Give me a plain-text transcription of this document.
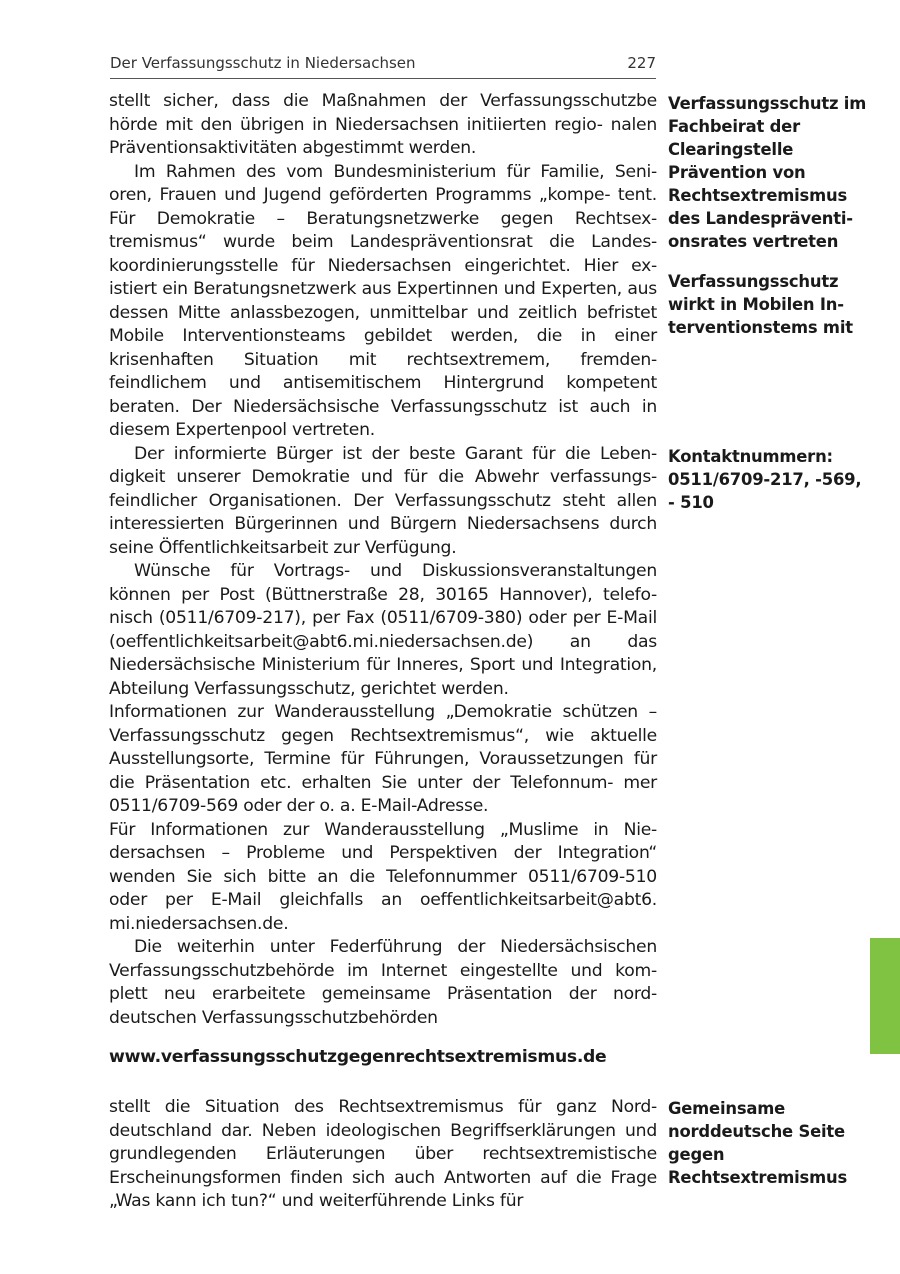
Der Verfassungsschutz in Niedersachsen	227

stellt sicher, dass die Maßnahmen der Verfassungsschutzbe hörde mit den übrigen in Niedersachsen initiierten regio- nalen Präventionsaktivitäten abgestimmt werden.

Im Rahmen des vom Bundesministerium für Familie, Seni- oren, Frauen und Jugend geförderten Programms „kompe- tent. Für Demokratie – Beratungsnetzwerke gegen Rechtsex- tremismus“ wurde beim Landespräventionsrat die Landes- koordinierungsstelle für Niedersachsen eingerichtet. Hier ex- istiert ein Beratungsnetzwerk aus Expertinnen und Experten, aus dessen Mitte anlassbezogen, unmittelbar und zeitlich befristet Mobile Interventionsteams gebildet werden, die in einer krisenhaften Situation mit rechtsextremem, fremden- feindlichem und antisemitischem Hintergrund kompetent beraten. Der Niedersächsische Verfassungsschutz ist auch in diesem Expertenpool vertreten.

Der informierte Bürger ist der beste Garant für die Leben- digkeit unserer Demokratie und für die Abwehr verfassungs- feindlicher Organisationen. Der Verfassungsschutz steht allen interessierten Bürgerinnen und Bürgern Niedersachsens durch seine Öffentlichkeitsarbeit zur Verfügung.

Wünsche für Vortrags- und Diskussionsveranstaltungen können per Post (Büttnerstraße 28, 30165 Hannover), telefo- nisch (0511/6709-217), per Fax (0511/6709-380) oder per E-Mail (oeffentlichkeitsarbeit@abt6.mi.niedersachsen.de) an das Niedersächsische Ministerium für Inneres, Sport und Integration, Abteilung Verfassungsschutz, gerichtet werden.

Informationen zur Wanderausstellung „Demokratie schützen – Verfassungsschutz gegen Rechtsextremismus“, wie aktuelle Ausstellungsorte, Termine für Führungen, Voraussetzungen für die Präsentation etc. erhalten Sie unter der Telefonnum- mer 0511/6709-569 oder der o. a. E-Mail-Adresse.

Für Informationen zur Wanderausstellung „Muslime in Nie- dersachsen – Probleme und Perspektiven der Integration“ wenden Sie sich bitte an die Telefonnummer 0511/6709-510 oder per E-Mail gleichfalls an oeffentlichkeitsarbeit@abt6. mi.niedersachsen.de.

Die weiterhin unter Federführung der Niedersächsischen Verfassungsschutzbehörde im Internet eingestellte und kom- plett neu erarbeitete gemeinsame Präsentation der nord- deutschen Verfassungsschutzbehörden

www.verfassungsschutzgegenrechtsextremismus.de

stellt die Situation des Rechtsextremismus für ganz Nord- deutschland dar. Neben ideologischen Begriffserklärungen und grundlegenden Erläuterungen über rechtsextremistische Erscheinungsformen finden sich auch Antworten auf die Frage „Was kann ich tun?“ und weiterführende Links für

Verfassungsschutz im Fachbeirat der Clearingstelle Prävention von Rechtsextremismus des Landespräventi- onsrates vertreten
Verfassungsschutz wirkt in Mobilen In- terventionstems mit
Kontaktnummern: 0511/6709-217, -569, - 510
Gemeinsame norddeutsche Seite gegen Rechtsextremismus
